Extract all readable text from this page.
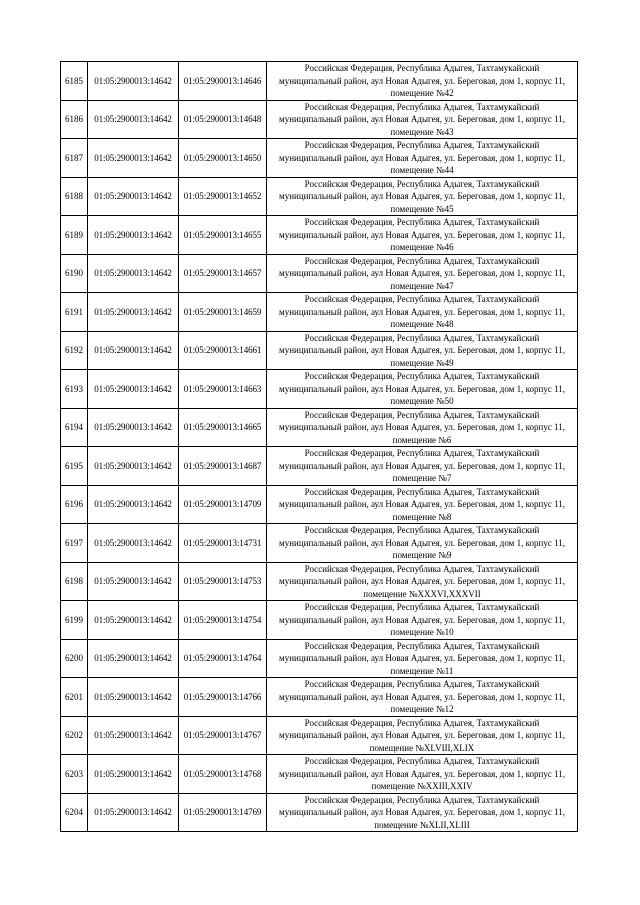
6185	01:05:2900013:14642	01:05:2900013:14646	Российская Федерация, Республика Адыгея, Тахтамукайский
муниципальный район, аул Новая Адыгея, ул. Береговая, дом 1, корпус 11,
помещение №42

6186	01:05:2900013:14642	01:05:2900013:14648	Российская Федерация, Республика Адыгея, Тахтамукайский
муниципальный район, аул Новая Адыгея, ул. Береговая, дом 1, корпус 11,
помещение №43

6187	01:05:2900013:14642	01:05:2900013:14650	Российская Федерация, Республика Адыгея, Тахтамукайский
муниципальный район, аул Новая Адыгея, ул. Береговая, дом 1, корпус 11,
помещение №44

6188	01:05:2900013:14642	01:05:2900013:14652	Российская Федерация, Республика Адыгея, Тахтамукайский
муниципальный район, аул Новая Адыгея, ул. Береговая, дом 1, корпус 11,
помещение №45

6189	01:05:2900013:14642	01:05:2900013:14655	Российская Федерация, Республика Адыгея, Тахтамукайский
муниципальный район, аул Новая Адыгея, ул. Береговая, дом 1, корпус 11,
помещение №46

6190	01:05:2900013:14642	01:05:2900013:14657	Российская Федерация, Республика Адыгея, Тахтамукайский
муниципальный район, аул Новая Адыгея, ул. Береговая, дом 1, корпус 11,
помещение №47

6191	01:05:2900013:14642	01:05:2900013:14659	Российская Федерация, Республика Адыгея, Тахтамукайский
муниципальный район, аул Новая Адыгея, ул. Береговая, дом 1, корпус 11,
помещение №48

6192	01:05:2900013:14642	01:05:2900013:14661	Российская Федерация, Республика Адыгея, Тахтамукайский
муниципальный район, аул Новая Адыгея, ул. Береговая, дом 1, корпус 11,
помещение №49

6193	01:05:2900013:14642	01:05:2900013:14663	Российская Федерация, Республика Адыгея, Тахтамукайский
муниципальный район, аул Новая Адыгея, ул. Береговая, дом 1, корпус 11,
помещение №50

6194	01:05:2900013:14642	01:05:2900013:14665	Российская Федерация, Республика Адыгея, Тахтамукайский
муниципальный район, аул Новая Адыгея, ул. Береговая, дом 1, корпус 11,
помещение №6

6195	01:05:2900013:14642	01:05:2900013:14687	Российская Федерация, Республика Адыгея, Тахтамукайский
муниципальный район, аул Новая Адыгея, ул. Береговая, дом 1, корпус 11,
помещение №7

6196	01:05:2900013:14642	01:05:2900013:14709	Российская Федерация, Республика Адыгея, Тахтамукайский
муниципальный район, аул Новая Адыгея, ул. Береговая, дом 1, корпус 11,
помещение №8

6197	01:05:2900013:14642	01:05:2900013:14731	Российская Федерация, Республика Адыгея, Тахтамукайский
муниципальный район, аул Новая Адыгея, ул. Береговая, дом 1, корпус 11,
помещение №9

6198	01:05:2900013:14642	01:05:2900013:14753	Российская Федерация, Республика Адыгея, Тахтамукайский
муниципальный район, аул Новая Адыгея, ул. Береговая, дом 1, корпус 11,
помещение №XXXVI,XXXVII

6199	01:05:2900013:14642	01:05:2900013:14754	Российская Федерация, Республика Адыгея, Тахтамукайский
муниципальный район, аул Новая Адыгея, ул. Береговая, дом 1, корпус 11,
помещение №10

6200	01:05:2900013:14642	01:05:2900013:14764	Российская Федерация, Республика Адыгея, Тахтамукайский
муниципальный район, аул Новая Адыгея, ул. Береговая, дом 1, корпус 11,
помещение №11

6201	01:05:2900013:14642	01:05:2900013:14766	Российская Федерация, Республика Адыгея, Тахтамукайский
муниципальный район, аул Новая Адыгея, ул. Береговая, дом 1, корпус 11,
помещение №12

6202	01:05:2900013:14642	01:05:2900013:14767	Российская Федерация, Республика Адыгея, Тахтамукайский
муниципальный район, аул Новая Адыгея, ул. Береговая, дом 1, корпус 11,
помещение №XLVIII,XLIX

6203	01:05:2900013:14642	01:05:2900013:14768	Российская Федерация, Республика Адыгея, Тахтамукайский
муниципальный район, аул Новая Адыгея, ул. Береговая, дом 1, корпус 11,
помещение №XXIII,XXIV

6204	01:05:2900013:14642	01:05:2900013:14769	Российская Федерация, Республика Адыгея, Тахтамукайский
муниципальный район, аул Новая Адыгея, ул. Береговая, дом 1, корпус 11,
помещение №XLII,XLIII
